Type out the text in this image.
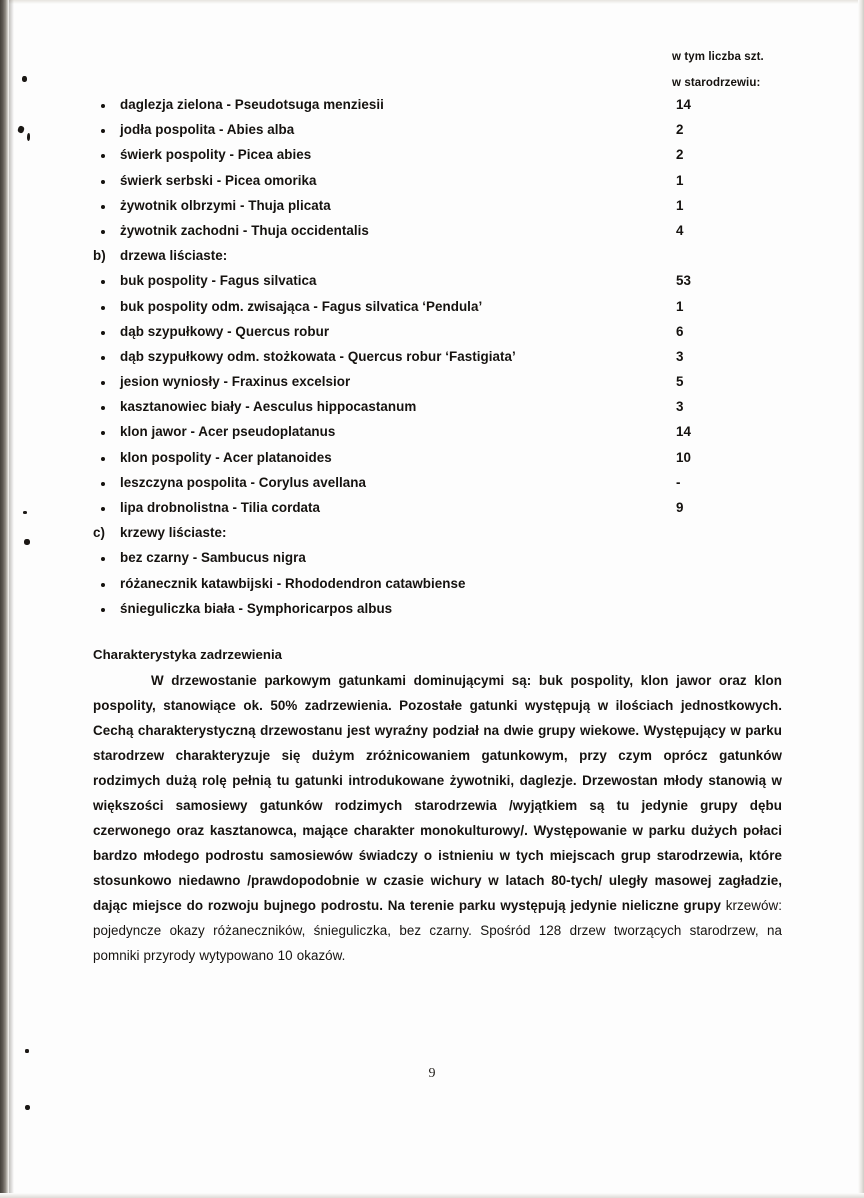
w tym liczba szt.
w starodrzewiu:
daglezja zielona - Pseudotsuga menziesii	14
jodła pospolita - Abies alba	2
świerk pospolity - Picea abies	2
świerk serbski - Picea omorika	1
żywotnik olbrzymi - Thuja plicata	1
żywotnik zachodni - Thuja occidentalis	4
b) drzewa liściaste:
buk pospolity - Fagus silvatica	53
buk pospolity odm. zwisająca - Fagus silvatica ‘Pendula’	1
dąb szypułkowy - Quercus robur	6
dąb szypułkowy odm. stożkowata - Quercus robur ‘Fastigiata’	3
jesion wyniosły - Fraxinus excelsior	5
kasztanowiec biały - Aesculus hippocastanum	3
klon jawor - Acer pseudoplatanus	14
klon pospolity - Acer platanoides	10
leszczyna pospolita - Corylus avellana	-
lipa drobnolistna - Tilia cordata	9
c) krzewy liściaste:
bez czarny - Sambucus nigra
różanecznik katawbijski - Rhododendron catawbiense
śnieguliczka biała - Symphoricarpos albus

Charakterystyka zadrzewienia

W drzewostanie parkowym gatunkami dominującymi są: buk pospolity, klon jawor oraz klon pospolity, stanowiące ok. 50% zadrzewienia. Pozostałe gatunki występują w ilościach jednostkowych. Cechą charakterystyczną drzewostanu jest wyraźny podział na dwie grupy wiekowe. Występujący w parku starodrzew charakteryzuje się dużym zróżnicowaniem gatunkowym, przy czym oprócz gatunków rodzimych dużą rolę pełnią tu gatunki introdukowane żywotniki, daglezje. Drzewostan młody stanowią w większości samosiewy gatunków rodzimych starodrzewia /wyjątkiem są tu jedynie grupy dębu czerwonego oraz kasztanowca, mające charakter monokulturowy/. Występowanie w parku dużych połaci bardzo młodego podrostu samosiewów świadczy o istnieniu w tych miejscach grup starodrzewia, które stosunkowo niedawno /prawdopodobnie w czasie wichury w latach 80-tych/ uległy masowej zagładzie, dając miejsce do rozwoju bujnego podrostu. Na terenie parku występują jedynie nieliczne grupy krzewów: pojedyncze okazy różaneczników, śnieguliczka, bez czarny. Spośród 128 drzew tworzących starodrzew, na pomniki przyrody wytypowano 10 okazów.

9
